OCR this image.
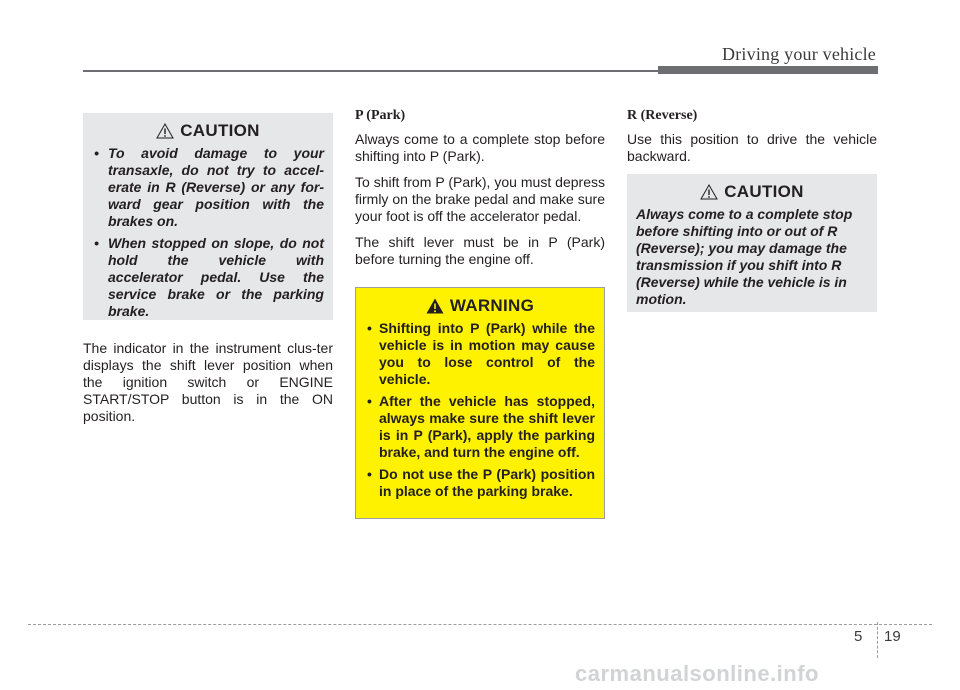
Driving your vehicle
CAUTION
• To avoid damage to your transaxle, do not try to accel-erate in R (Reverse) or any for-ward gear position with the brakes on.
• When stopped on slope, do not hold the vehicle with accelerator pedal. Use the service brake or the parking brake.

The indicator in the instrument clus-ter displays the shift lever position when the ignition switch or ENGINE START/STOP button is in the ON position.

P (Park)

Always come to a complete stop before shifting into P (Park).

To shift from P (Park), you must depress firmly on the brake pedal and make sure your foot is off the accelerator pedal.

The shift lever must be in P (Park) before turning the engine off.

WARNING
• Shifting into P (Park) while the vehicle is in motion may cause you to lose control of the vehicle.
• After the vehicle has stopped, always make sure the shift lever is in P (Park), apply the parking brake, and turn the engine off.
• Do not use the P (Park) position in place of the parking brake.

R (Reverse)

Use this position to drive the vehicle backward.

CAUTION
Always come to a complete stop before shifting into or out of R (Reverse); you may damage the transmission if you shift into R (Reverse) while the vehicle is in motion.
5 19
carmanualsonline.info
